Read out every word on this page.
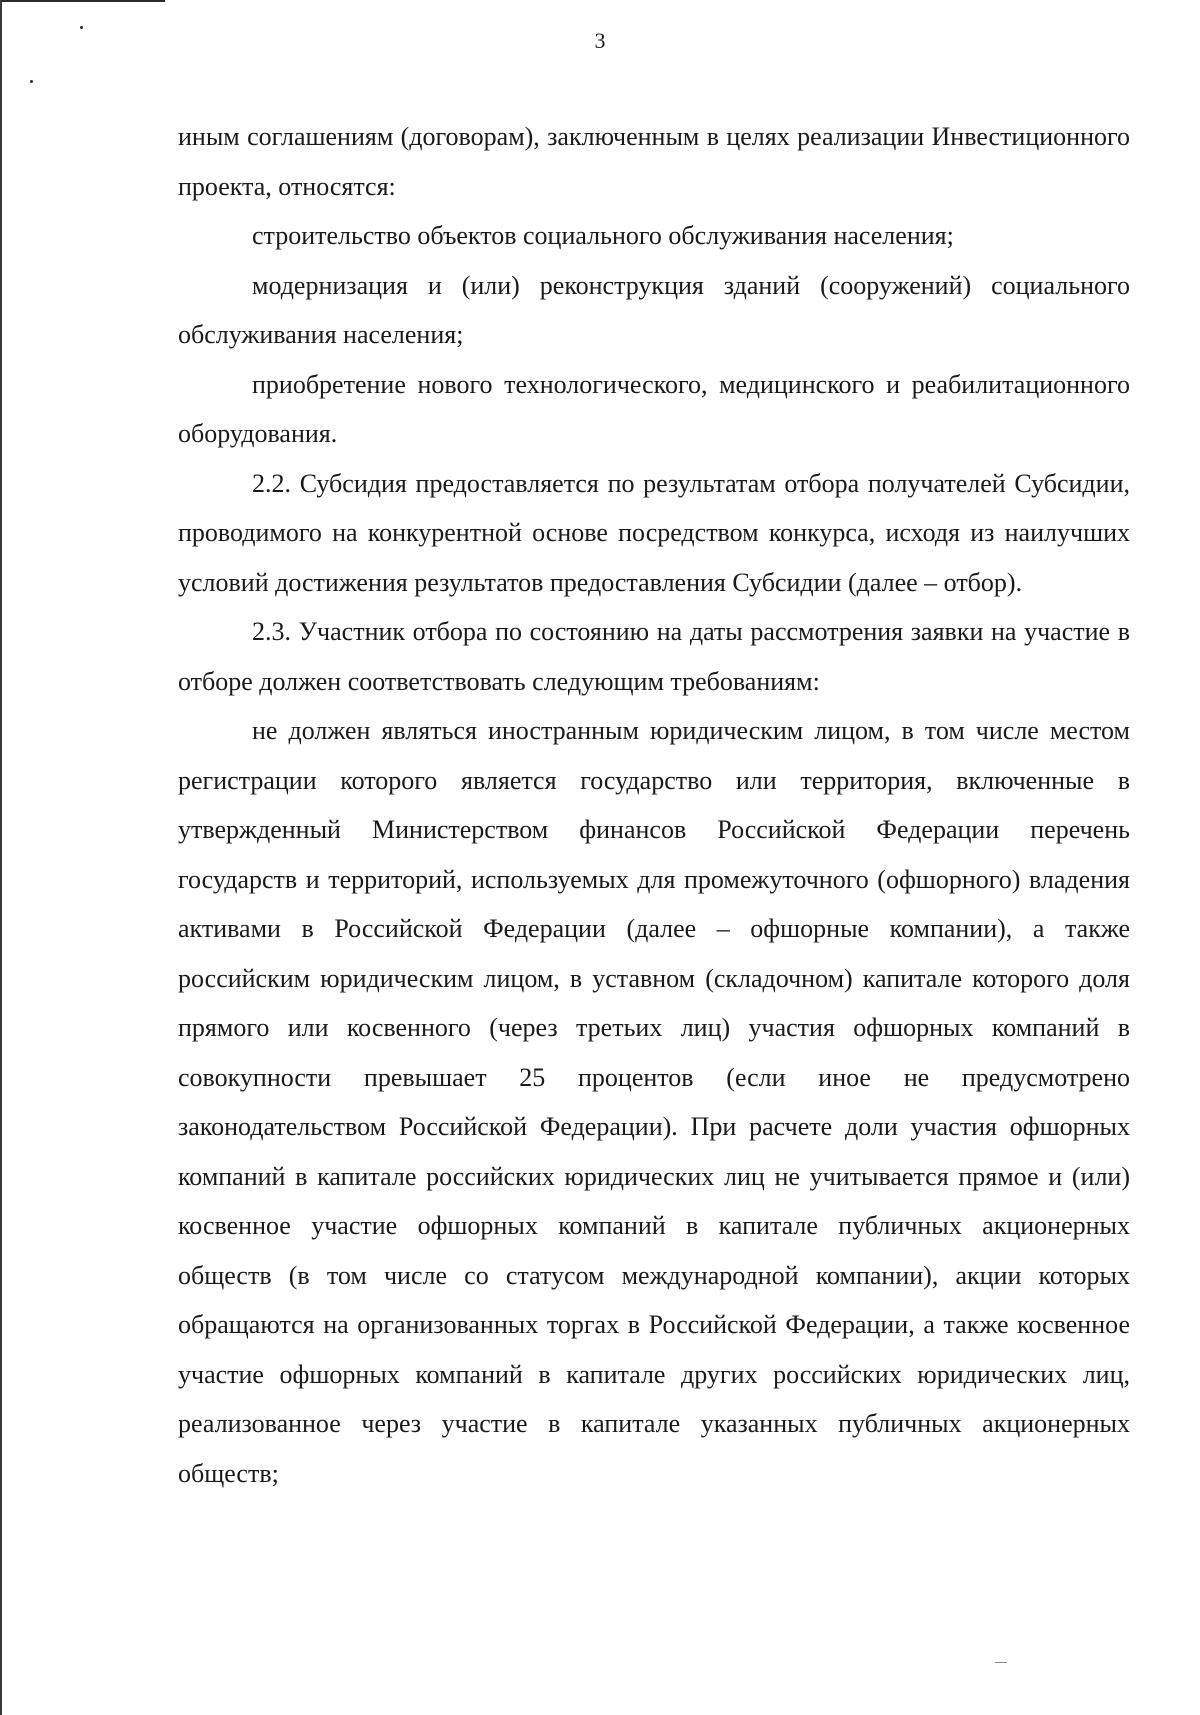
3

иным соглашениям (договорам), заключенным в целях реализации Инвестиционного проекта, относятся:

строительство объектов социального обслуживания населения;

модернизация и (или) реконструкция зданий (сооружений) социального обслуживания населения;

приобретение нового технологического, медицинского и реабилитационного оборудования.

2.2. Субсидия предоставляется по результатам отбора получателей Субсидии, проводимого на конкурентной основе посредством конкурса, исходя из наилучших условий достижения результатов предоставления Субсидии (далее – отбор).

2.3. Участник отбора по состоянию на даты рассмотрения заявки на участие в отборе должен соответствовать следующим требованиям:

не должен являться иностранным юридическим лицом, в том числе местом регистрации которого является государство или территория, включенные в утвержденный Министерством финансов Российской Федерации перечень государств и территорий, используемых для промежуточного (офшорного) владения активами в Российской Федерации (далее – офшорные компании), а также российским юридическим лицом, в уставном (складочном) капитале которого доля прямого или косвенного (через третьих лиц) участия офшорных компаний в совокупности превышает 25 процентов (если иное не предусмотрено законодательством Российской Федерации). При расчете доли участия офшорных компаний в капитале российских юридических лиц не учитывается прямое и (или) косвенное участие офшорных компаний в капитале публичных акционерных обществ (в том числе со статусом международной компании), акции которых обращаются на организованных торгах в Российской Федерации, а также косвенное участие офшорных компаний в капитале других российских юридических лиц, реализованное через участие в капитале указанных публичных акционерных обществ;
